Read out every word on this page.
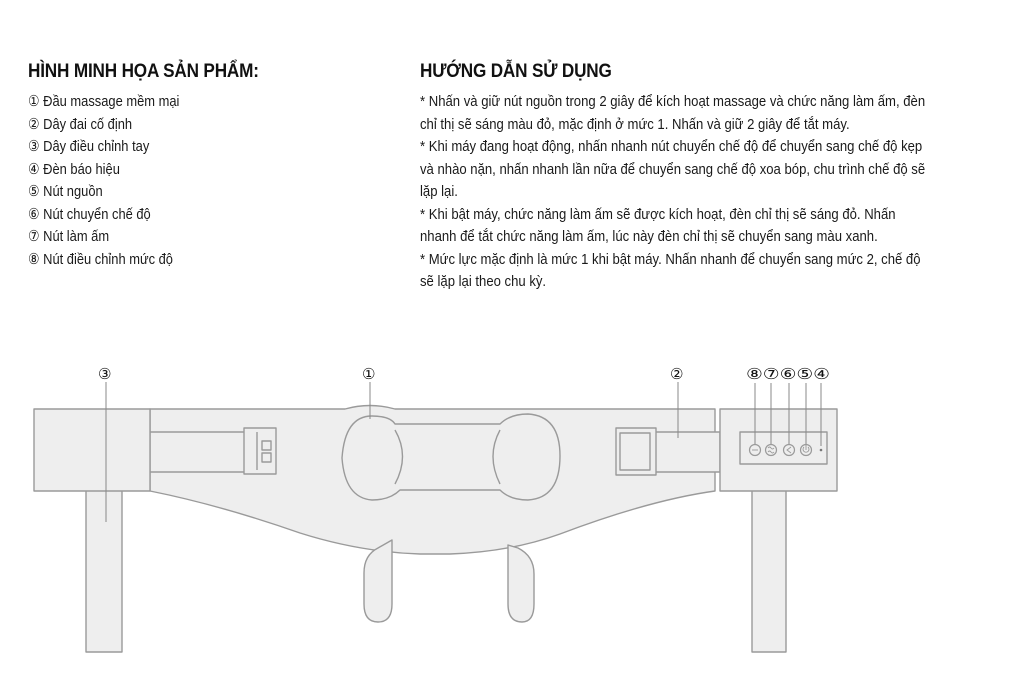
HÌNH MINH HỌA SẢN PHẨM:
① Đầu massage mềm mại
② Dây đai cố định
③ Dây điều chỉnh tay
④ Đèn báo hiệu
⑤ Nút nguồn
⑥ Nút chuyển chế độ
⑦ Nút làm ấm
⑧ Nút điều chỉnh mức độ
HƯỚNG DẪN SỬ DỤNG

* Nhấn và giữ nút nguồn trong 2 giây để kích hoạt massage và chức năng làm ấm, đèn
chỉ thị sẽ sáng màu đỏ, mặc định ở mức 1. Nhấn và giữ 2 giây để tắt máy.

* Khi máy đang hoạt động, nhấn nhanh nút chuyển chế độ để chuyển sang chế độ kẹp
và nhào nặn, nhấn nhanh lần nữa để chuyển sang chế độ xoa bóp, chu trình chế độ sẽ
lặp lại.

* Khi bật máy, chức năng làm ấm sẽ được kích hoạt, đèn chỉ thị sẽ sáng đỏ. Nhấn
nhanh để tắt chức năng làm ấm, lúc này đèn chỉ thị sẽ chuyển sang màu xanh.

* Mức lực mặc định là mức 1 khi bật máy. Nhấn nhanh để chuyển sang mức 2, chế độ
sẽ lặp lại theo chu kỳ.

③	①	②	⑧⑦⑥⑤④
